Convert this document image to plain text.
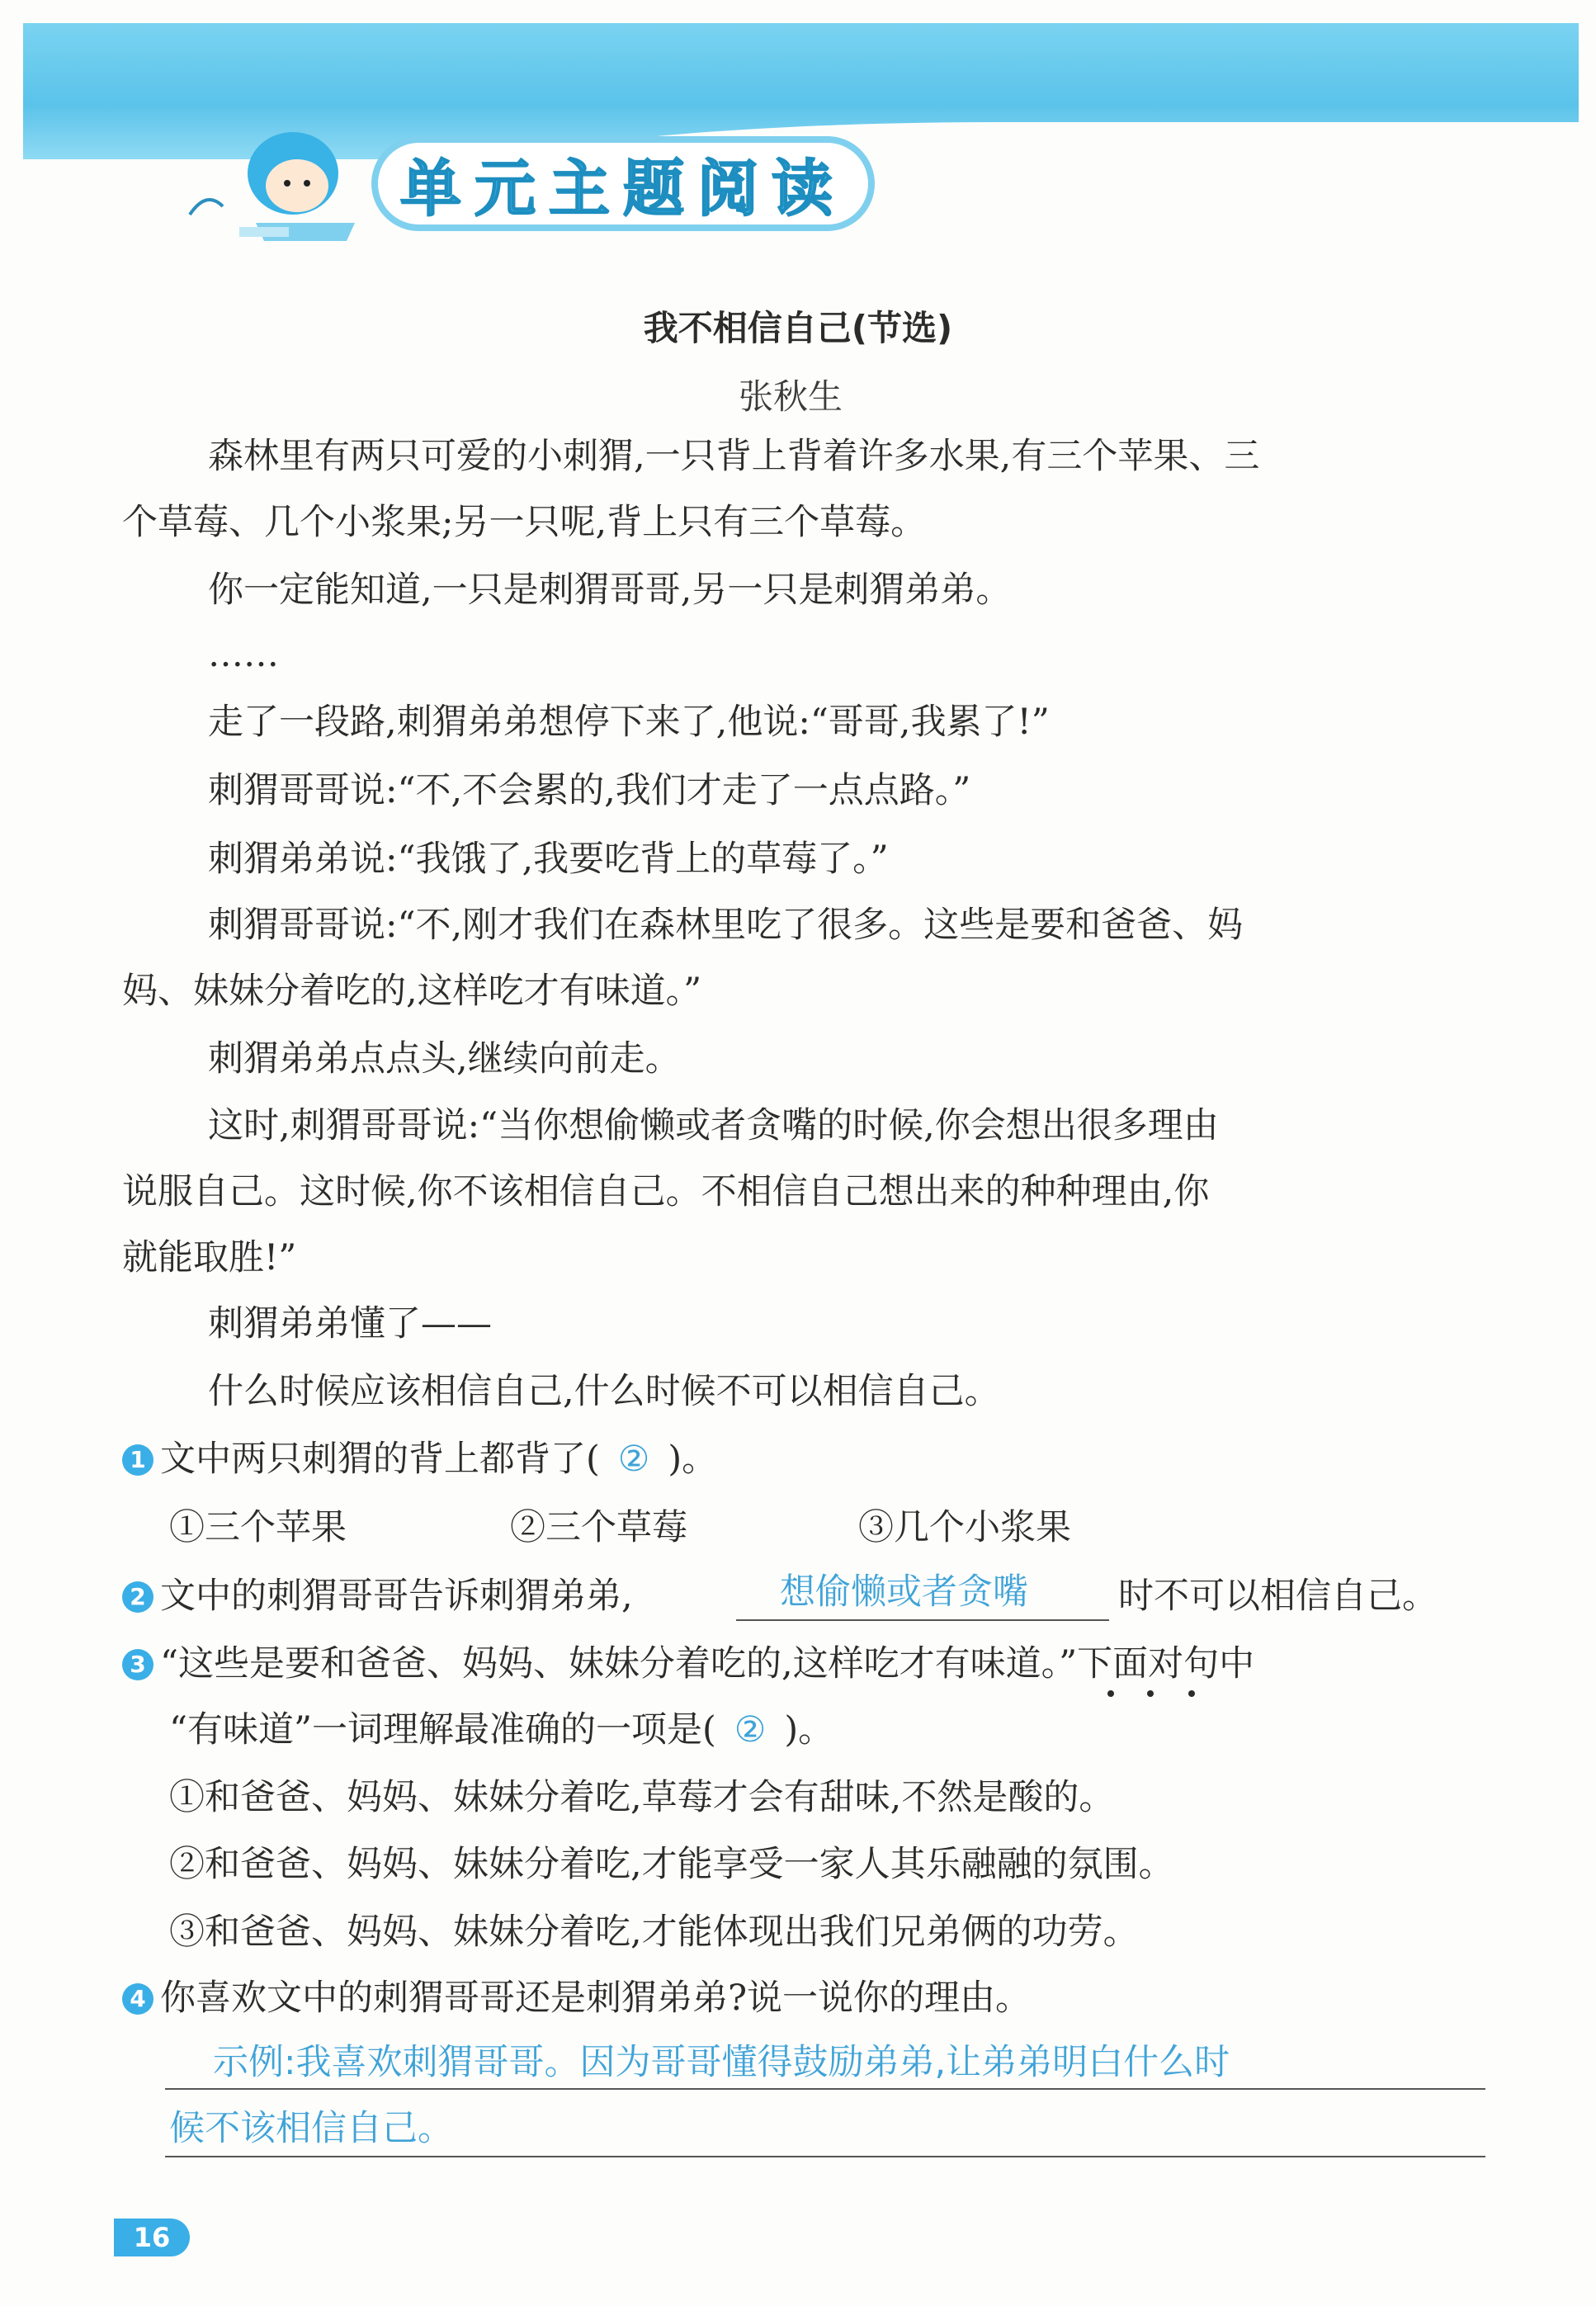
单元主题阅读
我不相信自己(节选)
张秋生
森林里有两只可爱的小刺猬,一只背上背着许多水果,有三个苹果、三
个草莓、几个小浆果;另一只呢,背上只有三个草莓。
你一定能知道,一只是刺猬哥哥,另一只是刺猬弟弟。
……
走了一段路,刺猬弟弟想停下来了,他说:“哥哥,我累了!”
刺猬哥哥说:“不,不会累的,我们才走了一点点路。”
刺猬弟弟说:“我饿了,我要吃背上的草莓了。”
刺猬哥哥说:“不,刚才我们在森林里吃了很多。这些是要和爸爸、妈
妈、妹妹分着吃的,这样吃才有味道。”
刺猬弟弟点点头,继续向前走。
这时,刺猬哥哥说:“当你想偷懒或者贪嘴的时候,你会想出很多理由
说服自己。这时候,你不该相信自己。不相信自己想出来的种种理由,你
就能取胜!”
刺猬弟弟懂了——
什么时候应该相信自己,什么时候不可以相信自己。
1 文中两只刺猬的背上都背了( ② )。
①三个苹果	②三个草莓	③几个小浆果
2 文中的刺猬哥哥告诉刺猬弟弟,	想偷懒或者贪嘴	时不可以相信自己。
3 “这些是要和爸爸、妈妈、妹妹分着吃的,这样吃才有味道。”下面对句中
“有味道”一词理解最准确的一项是( ② )。
①和爸爸、妈妈、妹妹分着吃,草莓才会有甜味,不然是酸的。
②和爸爸、妈妈、妹妹分着吃,才能享受一家人其乐融融的氛围。
③和爸爸、妈妈、妹妹分着吃,才能体现出我们兄弟俩的功劳。
4 你喜欢文中的刺猬哥哥还是刺猬弟弟?说一说你的理由。
示例:我喜欢刺猬哥哥。因为哥哥懂得鼓励弟弟,让弟弟明白什么时
候不该相信自己。
16
